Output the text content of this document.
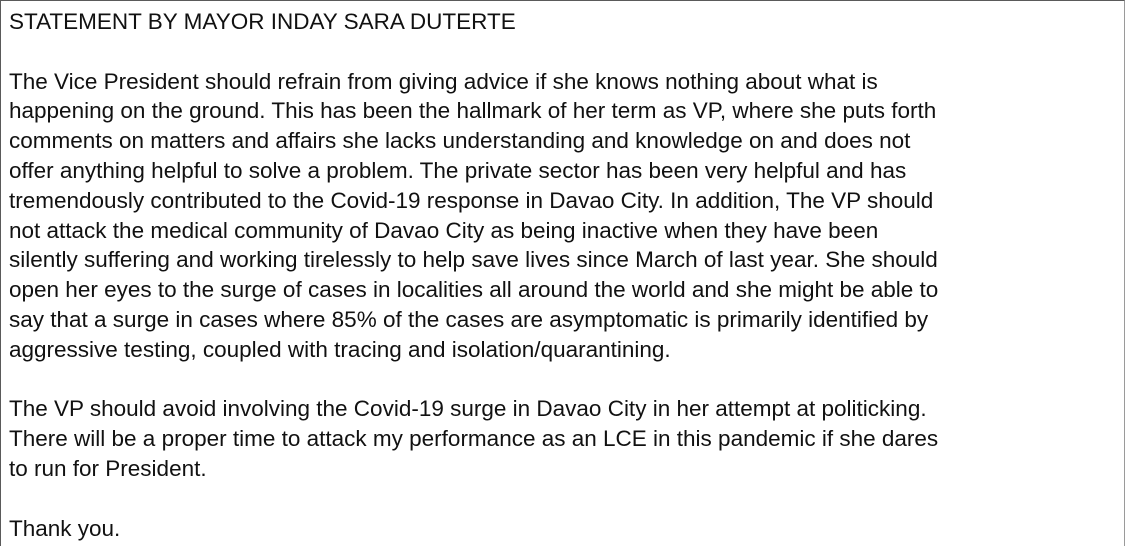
STATEMENT BY MAYOR INDAY SARA DUTERTE

The Vice President should refrain from giving advice if she knows nothing about what is
happening on the ground. This has been the hallmark of her term as VP, where she puts forth
comments on matters and affairs she lacks understanding and knowledge on and does not
offer anything helpful to solve a problem. The private sector has been very helpful and has
tremendously contributed to the Covid-19 response in Davao City. In addition, The VP should
not attack the medical community of Davao City as being inactive when they have been
silently suffering and working tirelessly to help save lives since March of last year. She should
open her eyes to the surge of cases in localities all around the world and she might be able to
say that a surge in cases where 85% of the cases are asymptomatic is primarily identified by
aggressive testing, coupled with tracing and isolation/quarantining.

The VP should avoid involving the Covid-19 surge in Davao City in her attempt at politicking.
There will be a proper time to attack my performance as an LCE in this pandemic if she dares
to run for President.

Thank you.
